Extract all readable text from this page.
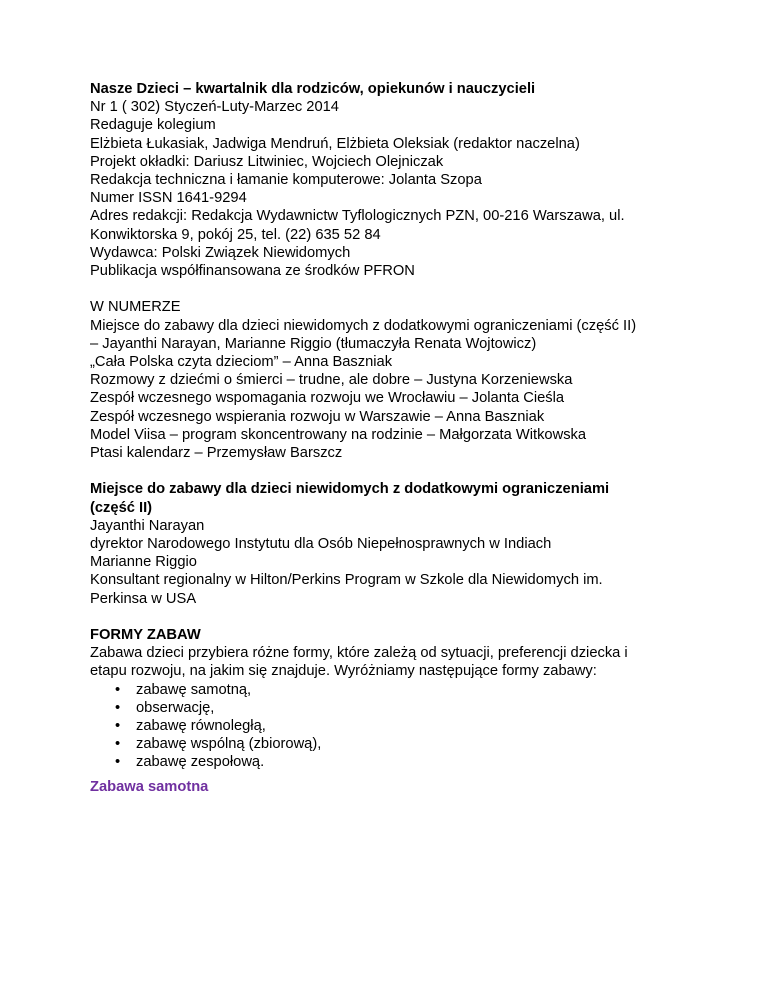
Nasze Dzieci – kwartalnik dla rodziców, opiekunów i nauczycieli
Nr 1 ( 302) Styczeń-Luty-Marzec 2014
Redaguje kolegium
Elżbieta Łukasiak, Jadwiga Mendruń, Elżbieta Oleksiak (redaktor naczelna)
Projekt okładki: Dariusz Litwiniec, Wojciech Olejniczak
Redakcja techniczna i łamanie komputerowe: Jolanta Szopa
Numer ISSN 1641-9294
Adres redakcji: Redakcja Wydawnictw Tyflologicznych PZN, 00-216 Warszawa, ul.
Konwiktorska 9, pokój 25, tel. (22) 635 52 84
Wydawca: Polski Związek Niewidomych
Publikacja współfinansowana ze środków PFRON
W NUMERZE
Miejsce do zabawy dla dzieci niewidomych z dodatkowymi ograniczeniami (część II)
– Jayanthi Narayan, Marianne Riggio (tłumaczyła Renata Wojtowicz)
„Cała Polska czyta dzieciom” – Anna Baszniak
Rozmowy z dziećmi o śmierci – trudne, ale dobre – Justyna Korzeniewska
Zespół wczesnego wspomagania rozwoju we Wrocławiu – Jolanta Cieśla
Zespół wczesnego wspierania rozwoju w Warszawie – Anna Baszniak
Model Viisa – program skoncentrowany na rodzinie – Małgorzata Witkowska
Ptasi kalendarz – Przemysław Barszcz
Miejsce do zabawy dla dzieci niewidomych z dodatkowymi ograniczeniami
(część II)
Jayanthi Narayan
dyrektor Narodowego Instytutu dla Osób Niepełnosprawnych w Indiach
Marianne Riggio
Konsultant regionalny w Hilton/Perkins Program w Szkole dla Niewidomych im.
Perkinsa w USA
FORMY ZABAW
Zabawa dzieci przybiera różne formy, które zależą od sytuacji, preferencji dziecka i
etapu rozwoju, na jakim się znajduje. Wyróżniamy następujące formy zabawy:
• zabawę samotną,
• obserwację,
• zabawę równoległą,
• zabawę wspólną (zbiorową),
• zabawę zespołową.
Zabawa samotna
